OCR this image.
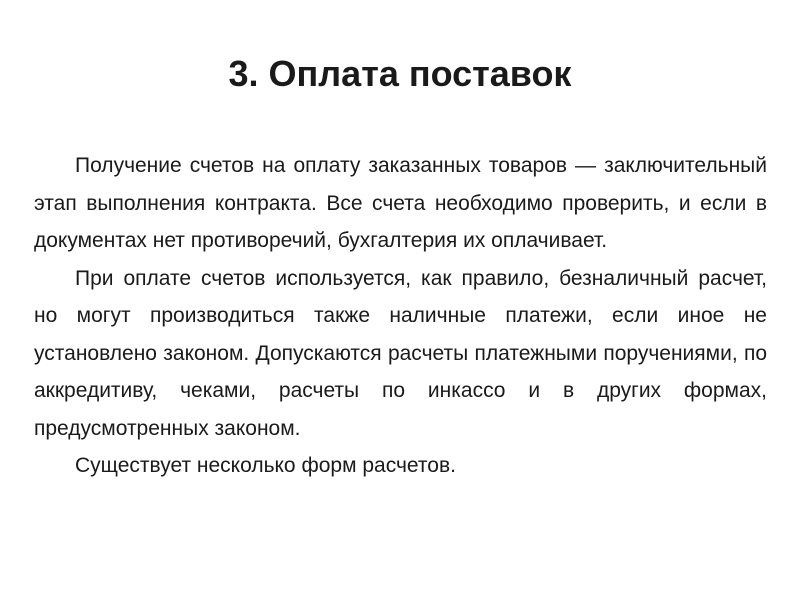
3. Оплата поставок

Получение счетов на оплату заказанных товаров — заключительный этап выполнения контракта. Все счета необходимо проверить, и если в документах нет противоречий, бухгалтерия их оплачивает.

При оплате счетов используется, как правило, безналичный расчет, но могут производиться также наличные платежи, если иное не установлено законом. Допускаются расчеты платежными поручениями, по аккредитиву, чеками, расчеты по инкассо и в других формах, предусмотренных законом.

Существует несколько форм расчетов.
